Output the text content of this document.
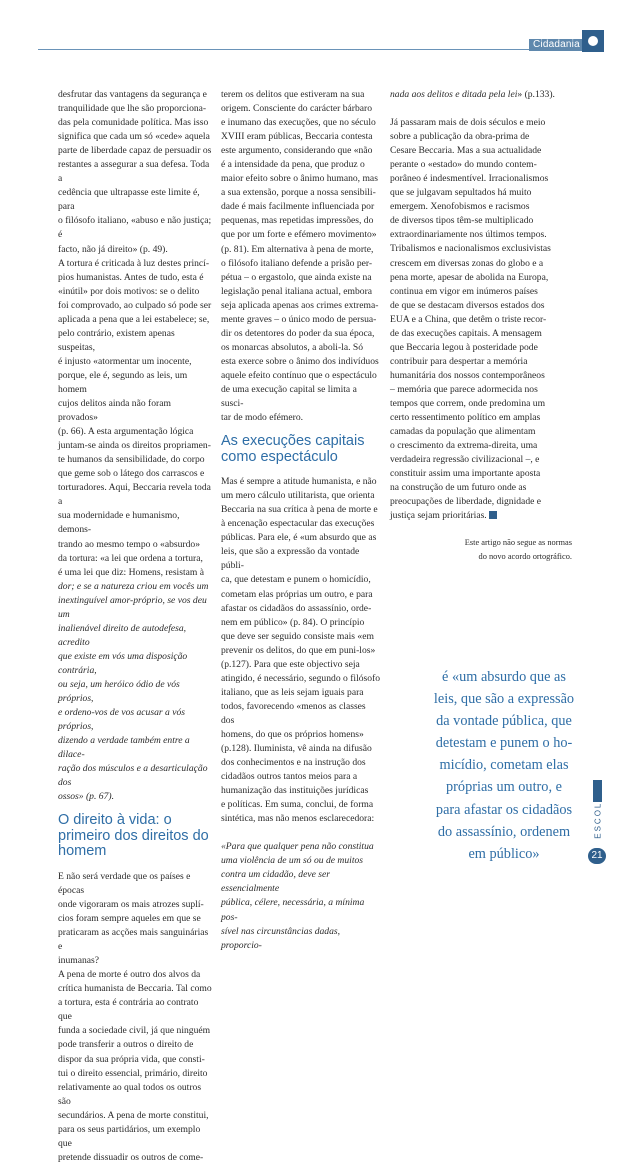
Cidadania

desfrutar das vantagens da segurança e

tranquilidade que lhe são proporciona-

das pela comunidade política. Mas isso

significa que cada um só «cede» aquela

parte de liberdade capaz de persuadir os

restantes a assegurar a sua defesa. Toda a

cedência que ultrapasse este limite é, para

o filósofo italiano, «abuso e não justiça; é

facto, não já direito» (p. 49).

A tortura é criticada à luz destes princí-

pios humanistas. Antes de tudo, esta é

«inútil» por dois motivos: se o delito

foi comprovado, ao culpado só pode ser

aplicada a pena que a lei estabelece; se,

pelo contrário, existem apenas suspeitas,

é injusto «atormentar um inocente,

porque, ele é, segundo as leis, um homem

cujos delitos ainda não foram provados»

(p. 66). A esta argumentação lógica

juntam-se ainda os direitos propriamen-

te humanos da sensibilidade, do corpo

que geme sob o látego dos carrascos e

torturadores. Aqui, Beccaria revela toda a

sua modernidade e humanismo, demons-

trando ao mesmo tempo o «absurdo»

da tortura: «a lei que ordena a tortura,

é uma lei que diz: Homens, resistam à

dor; e se a natureza criou em vocês um

inextinguível amor-próprio, se vos deu um

inalienável direito de autodefesa, acredito

que existe em vós uma disposição contrária,

ou seja, um heróico ódio de vós próprios,

e ordeno-vos de vos acusar a vós próprios,

dizendo a verdade também entre a dilace-

ração dos músculos e a desarticulação dos

ossos» (p. 67).

O direito à vida: o primeiro dos direitos do homem

E não será verdade que os países e épocas

onde vigoraram os mais atrozes suplí-

cios foram sempre aqueles em que se

praticaram as acções mais sanguinárias e

inumanas?

A pena de morte é outro dos alvos da

crítica humanista de Beccaria. Tal como

a tortura, esta é contrária ao contrato que

funda a sociedade civil, já que ninguém

pode transferir a outros o direito de

dispor da sua própria vida, que consti-

tui o direito essencial, primário, direito

relativamente ao qual todos os outros são

secundários. A pena de morte constitui,

para os seus partidários, um exemplo que

pretende dissuadir os outros de come-

terem os delitos que estiveram na sua

origem. Consciente do carácter bárbaro

e inumano das execuções, que no século

XVIII eram públicas, Beccaria contesta

este argumento, considerando que «não

é a intensidade da pena, que produz o

maior efeito sobre o ânimo humano, mas

a sua extensão, porque a nossa sensibili-

dade é mais facilmente influenciada por

pequenas, mas repetidas impressões, do

que por um forte e efémero movimento»

(p. 81). Em alternativa à pena de morte,

o filósofo italiano defende a prisão per-

pétua – o ergastolo, que ainda existe na

legislação penal italiana actual, embora

seja aplicada apenas aos crimes extrema-

mente graves – o único modo de persua-

dir os detentores do poder da sua época,

os monarcas absolutos, a aboli-la. Só

esta exerce sobre o ânimo dos indivíduos

aquele efeito contínuo que o espectáculo

de uma execução capital se limita a susci-

tar de modo efémero.

As execuções capitais como espectáculo

Mas é sempre a atitude humanista, e não

um mero cálculo utilitarista, que orienta

Beccaria na sua crítica à pena de morte e

à encenação espectacular das execuções

públicas. Para ele, é «um absurdo que as

leis, que são a expressão da vontade públi-

ca, que detestam e punem o homicídio,

cometam elas próprias um outro, e para

afastar os cidadãos do assassínio, orde-

nem em público» (p. 84). O princípio

que deve ser seguido consiste mais «em

prevenir os delitos, do que em puni-los»

(p.127). Para que este objectivo seja

atingido, é necessário, segundo o filósofo

italiano, que as leis sejam iguais para

todos, favorecendo «menos as classes dos

homens, do que os próprios homens»

(p.128). Iluminista, vê ainda na difusão

dos conhecimentos e na instrução dos

cidadãos outros tantos meios para a

humanização das instituições jurídicas

e políticas. Em suma, conclui, de forma

sintética, mas não menos esclarecedora:

«Para que qualquer pena não constitua

uma violência de um só ou de muitos

contra um cidadão, deve ser essencialmente

pública, célere, necessária, a mínima pos-

sível nas circunstâncias dadas, proporcio-

nada aos delitos e ditada pela lei» (p.133).

Já passaram mais de dois séculos e meio

sobre a publicação da obra-prima de

Cesare Beccaria. Mas a sua actualidade

perante o «estado» do mundo contem-

porâneo é indesmentível. Irracionalismos

que se julgavam sepultados há muito

emergem. Xenofobismos e racismos

de diversos tipos têm-se multiplicado

extraordinariamente nos últimos tempos.

Tribalismos e nacionalismos exclusivistas

crescem em diversas zonas do globo e a

pena morte, apesar de abolida na Europa,

continua em vigor em inúmeros países

de que se destacam diversos estados dos

EUA e a China, que detêm o triste recor-

de das execuções capitais. A mensagem

que Beccaria legou à posteridade pode

contribuir para despertar a memória

humanitária dos nossos contemporâneos

– memória que parece adormecida nos

tempos que correm, onde predomina um

certo ressentimento político em amplas

camadas da população que alimentam

o crescimento da extrema-direita, uma

verdadeira regressão civilizacional –, e

constituir assim uma importante aposta

na construção de um futuro onde as

preocupações de liberdade, dignidade e

justiça sejam prioritárias.

Este artigo não segue as normas

do novo acordo ortográfico.

é «um absurdo que as

leis, que são a expressão

da vontade pública, que

detestam e punem o ho-

micídio, cometam elas

próprias um outro, e

para afastar os cidadãos

do assassínio, ordenem

em público»

ESCOLA
21
